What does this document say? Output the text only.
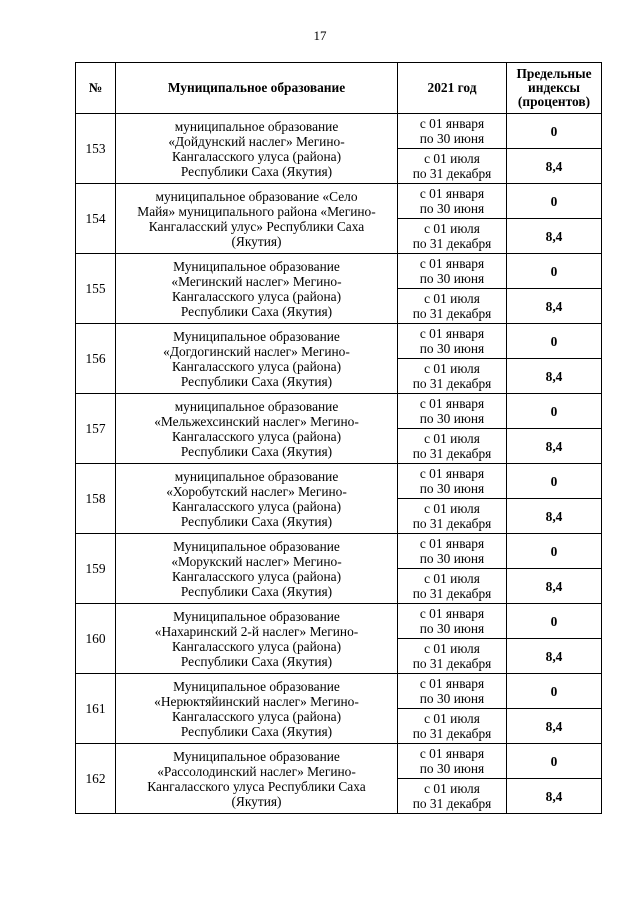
17
№	Муниципальное образование	2021 год	Предельные
индексы
(процентов)

153	муниципальное образование
«Дойдунский наслег» Мегино-
Кангаласского улуса (района)
Республики Саха (Якутия)	с 01 января
по 30 июня	0

		с 01 июля
по 31 декабря	8,4
154	муниципальное образование «Село
Майя» муниципального района «Мегино-
Кангаласский улус» Республики Саха
(Якутия)	с 01 января
по 30 июня	0

		с 01 июля
по 31 декабря	8,4
155	Муниципальное образование
«Мегинский наслег» Мегино-
Кангаласского улуса (района)
Республики Саха (Якутия)	с 01 января
по 30 июня	0

		с 01 июля
по 31 декабря	8,4
156	Муниципальное образование
«Догдогинский наслег» Мегино-
Кангаласского улуса (района)
Республики Саха (Якутия)	с 01 января
по 30 июня	0

		с 01 июля
по 31 декабря	8,4
157	муниципальное образование
«Мельжехсинский наслег» Мегино-
Кангаласского улуса (района)
Республики Саха (Якутия)	с 01 января
по 30 июня	0

		с 01 июля
по 31 декабря	8,4
158	муниципальное образование
«Хоробутский наслег» Мегино-
Кангаласского улуса (района)
Республики Саха (Якутия)	с 01 января
по 30 июня	0

		с 01 июля
по 31 декабря	8,4
159	Муниципальное образование
«Морукский наслег» Мегино-
Кангаласского улуса (района)
Республики Саха (Якутия)	с 01 января
по 30 июня	0

		с 01 июля
по 31 декабря	8,4
160	Муниципальное образование
«Нахаринский 2-й наслег» Мегино-
Кангаласского улуса (района)
Республики Саха (Якутия)	с 01 января
по 30 июня	0

		с 01 июля
по 31 декабря	8,4
161	Муниципальное образование
«Нерюктяйинский наслег» Мегино-
Кангаласского улуса (района)
Республики Саха (Якутия)	с 01 января
по 30 июня	0

		с 01 июля
по 31 декабря	8,4
162	Муниципальное образование
«Рассолодинский наслег» Мегино-
Кангаласского улуса Республики Саха
(Якутия)	с 01 января
по 30 июня	0

		с 01 июля
по 31 декабря	8,4
